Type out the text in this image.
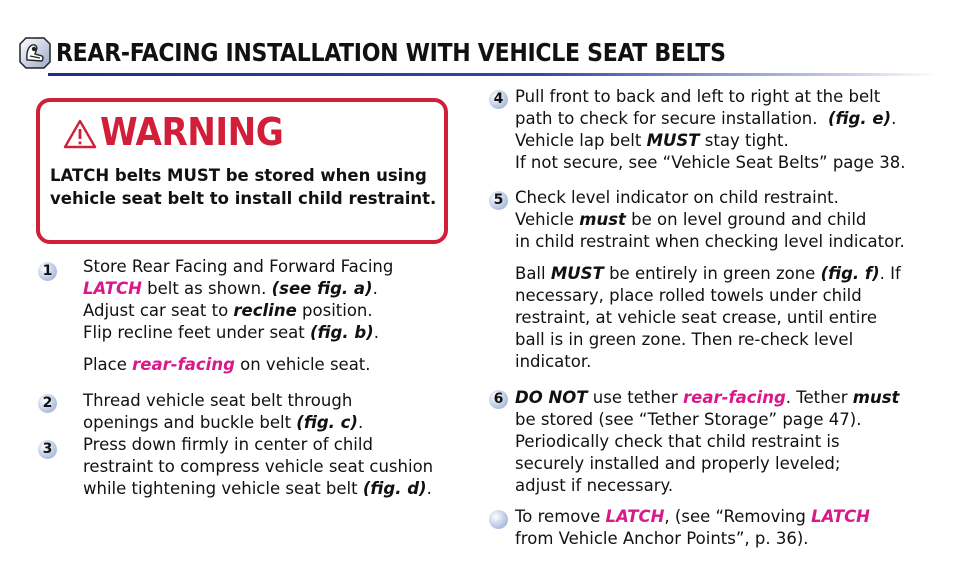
REAR-FACING INSTALLATION WITH VEHICLE SEAT BELTS
WARNING
LATCH belts MUST be stored when using vehicle seat belt to install child restraint.
1 Store Rear Facing and Forward Facing

LATCH belt as shown. (see fig. a).

Adjust car seat to recline position.

Flip recline feet under seat (fig. b).

Place rear-facing on vehicle seat.

2 Thread vehicle seat belt through

openings and buckle belt (fig. c).

3 Press down firmly in center of child

restraint to compress vehicle seat cushion

while tightening vehicle seat belt (fig. d).

4 Pull front to back and left to right at the belt

path to check for secure installation.  (fig. e).

Vehicle lap belt MUST stay tight.

If not secure, see “Vehicle Seat Belts” page 38.

5 Check level indicator on child restraint.

Vehicle must be on level ground and child

in child restraint when checking level indicator.

Ball MUST be entirely in green zone (fig. f). If

necessary, place rolled towels under child

restraint, at vehicle seat crease, until entire

ball is in green zone. Then re-check level

indicator.

6 DO NOT use tether rear-facing. Tether must

be stored (see “Tether Storage” page 47).

Periodically check that child restraint is

securely installed and properly leveled;

adjust if necessary.

To remove LATCH, (see “Removing LATCH

from Vehicle Anchor Points”, p. 36).
